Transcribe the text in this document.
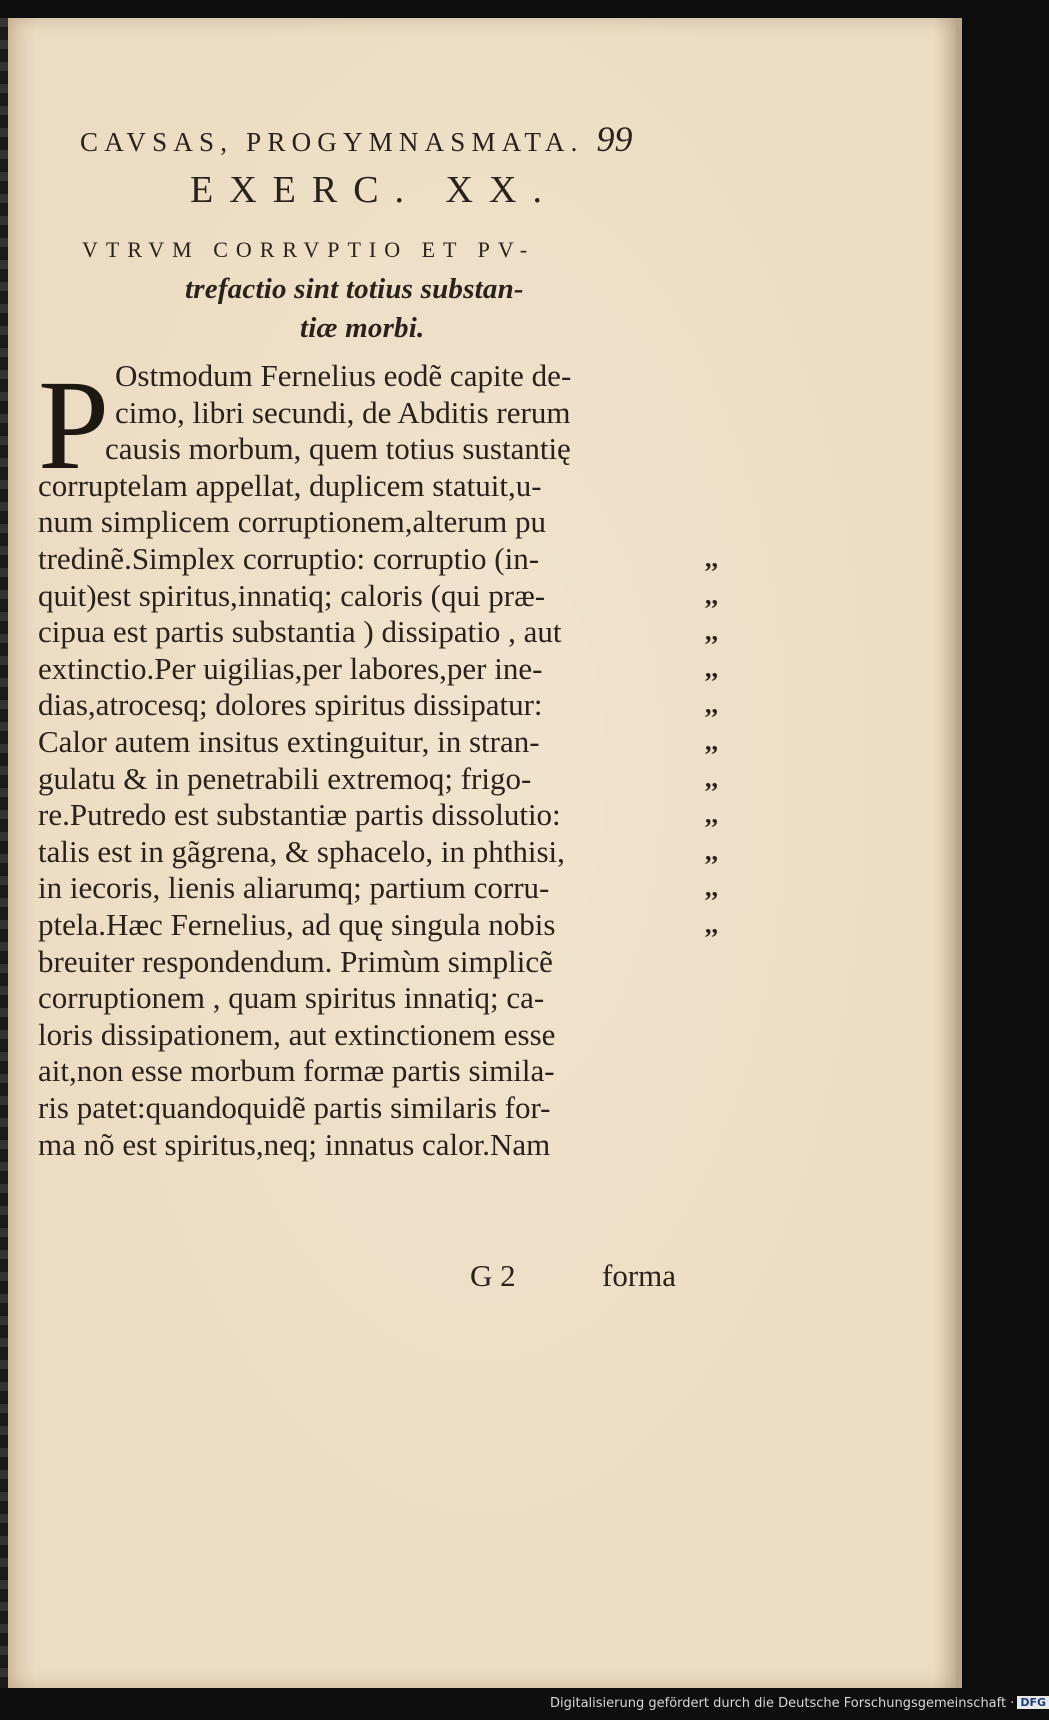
CAVSAS, PROGYMNASMATA. 99
EXERC. XX.
VTRVM CORRVPTIO ET PV-
trefactio sint totius substan-
tiæ morbi.
P Ostmodum Fernelius eodẽ capite de-
cimo, libri secundi, de Abditis rerum
causis morbum, quem totius sustantię
corruptelam appellat, duplicem statuit,u-
num simplicem corruptionem,alterum pu
tredinẽ.Simplex corruptio: corruptio (in-
quit)est spiritus,innatiq; caloris (qui præ-
cipua est partis substantia ) dissipatio , aut
extinctio.Per uigilias,per labores,per ine-
dias,atrocesq; dolores spiritus dissipatur:
Calor autem insitus extinguitur, in stran-
gulatu & in penetrabili extremoq; frigo-
re.Putredo est substantiæ partis dissolutio:
talis est in gãgrena, & sphacelo, in phthisi,
in iecoris, lienis aliarumq; partium corru-
ptela.Hæc Fernelius, ad quę singula nobis
breuiter respondendum. Primùm simplicẽ
corruptionem , quam spiritus innatiq; ca-
loris dissipationem, aut extinctionem esse
ait,non esse morbum formæ partis simila-
ris patet:quandoquidẽ partis similaris for-
ma nõ est spiritus,neq; innatus calor.Nam
,,
,,
,,
,,
,,
,,
,,
,,
,,
,,
,,
G 2	forma
Digitalisierung gefördert durch die Deutsche Forschungsgemeinschaft · DFG
